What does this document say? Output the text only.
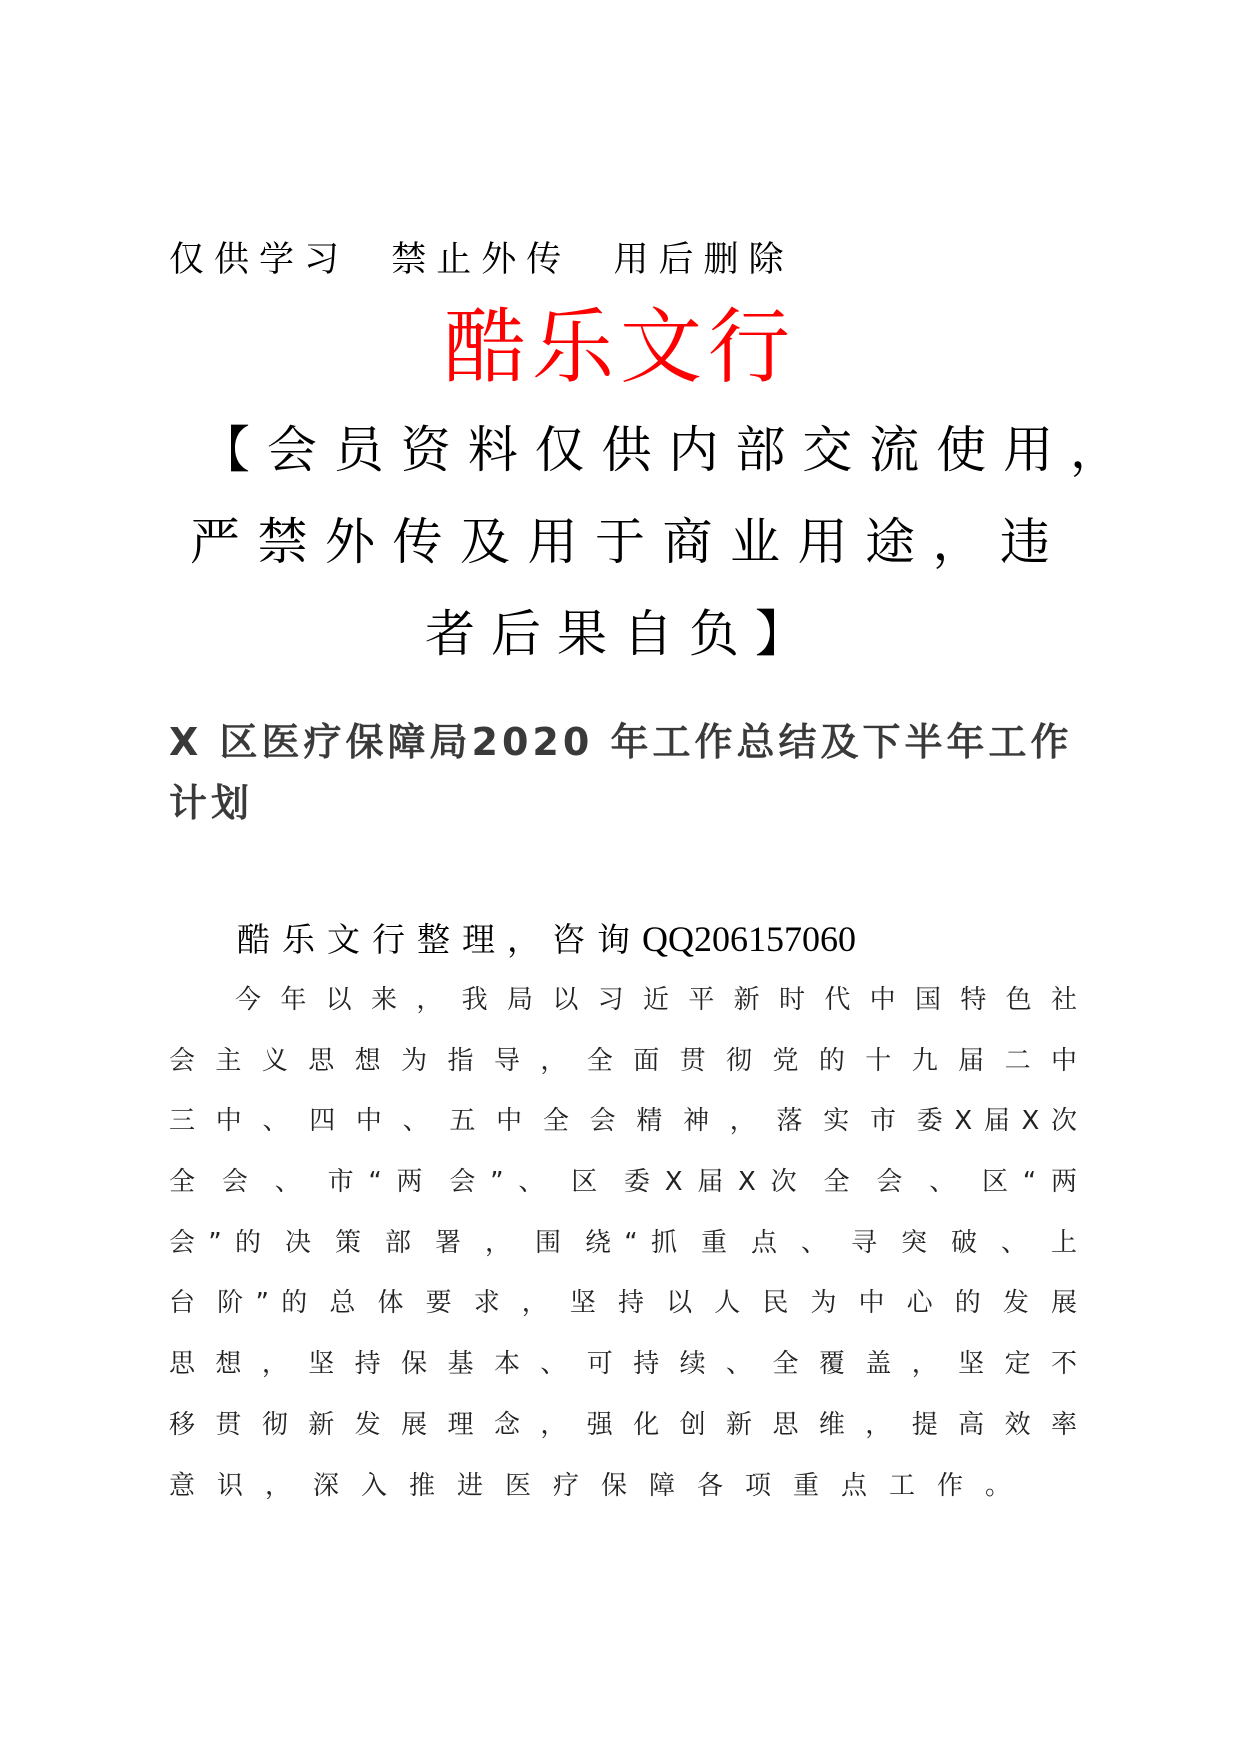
仅供学习  禁止外传  用后删除
酷乐文行
【 会 员 资 料 仅 供 内 部 交 流 使 用 ，
严 禁 外 传 及 用 于 商 业 用 途 ， 违
者 后 果 自 负 】
X 区医疗保障局2020 年工作总结及下半年工作计划
酷乐文行整理，咨询QQ206157060
今 年 以 来 ， 我 局 以 习 近 平 新 时 代 中 国 特 色 社
会 主 义 思 想 为 指 导 ， 全 面 贯 彻 党 的 十 九 届 二 中
三 中 、 四 中 、 五 中 全 会 精 神 ， 落 实 市 委 X 届 X 次
全 会 、 市 “ 两 会 ” 、 区 委 X 届 X 次 全 会 、 区 “ 两
会 ” 的 决 策 部 署 ， 围 绕 “ 抓 重 点 、 寻 突 破 、 上
台 阶 ” 的 总 体 要 求 ， 坚 持 以 人 民 为 中 心 的 发 展
思 想 ， 坚 持 保 基 本 、 可 持 续 、 全 覆 盖 ， 坚 定 不
移 贯 彻 新 发 展 理 念 ， 强 化 创 新 思 维 ， 提 高 效 率
意识，深入推进医疗保障各项重点工作。
